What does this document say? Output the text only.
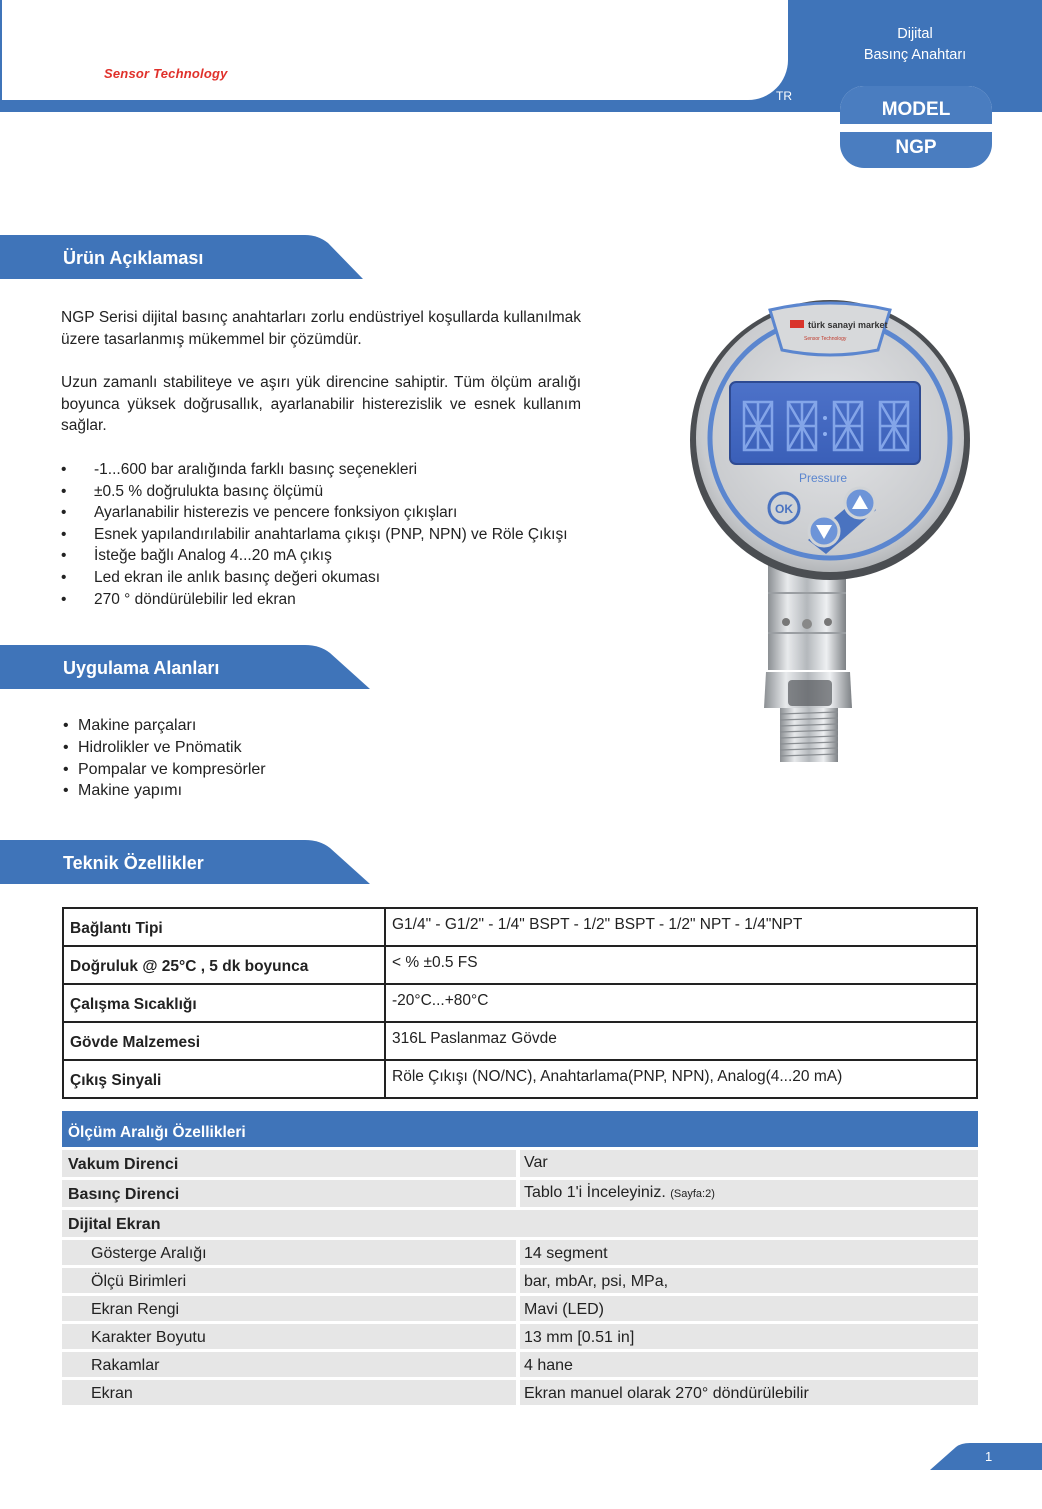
Sensor Technology
TR
Dijital
Basınç Anahtarı
MODEL
NGP
Ürün Açıklaması
NGP Serisi dijital basınç anahtarları zorlu endüstriyel koşullarda kullanılmak üzere tasarlanmış mükemmel bir çözümdür.
Uzun zamanlı stabiliteye ve aşırı yük direncine sahiptir. Tüm ölçüm aralığı boyunca yüksek doğrusallık, ayarlanabilir histerezislik ve esnek kullanım sağlar.
• -1...600 bar aralığında farklı basınç seçenekleri
• ±0.5 % doğrulukta basınç ölçümü
• Ayarlanabilir histerezis ve pencere fonksiyon çıkışları
• Esnek yapılandırılabilir anahtarlama çıkışı (PNP, NPN) ve Röle Çıkışı
• İsteğe bağlı Analog 4...20 mA çıkış
• Led ekran ile anlık basınç değeri okuması
• 270 ° döndürülebilir led ekran
türk sanayi market
Sensor Technology
Pressure
OK
Uygulama Alanları
• Makine parçaları
• Hidrolikler ve Pnömatik
• Pompalar ve kompresörler
• Makine yapımı
Teknik Özellikler
Bağlantı Tipi	G1/4" - G1/2" - 1/4" BSPT - 1/2" BSPT - 1/2" NPT - 1/4"NPT
Doğruluk @ 25°C , 5 dk boyunca	< % ±0.5 FS
Çalışma Sıcaklığı	-20°C...+80°C
Gövde Malzemesi	316L Paslanmaz Gövde
Çıkış Sinyali	Röle Çıkışı (NO/NC), Anahtarlama(PNP, NPN), Analog(4...20 mA)
Ölçüm Aralığı Özellikleri
Vakum Direnci	Var
Basınç Direnci	Tablo 1'i İnceleyiniz. (Sayfa:2)
Dijital Ekran
Gösterge Aralığı	14 segment
Ölçü Birimleri	bar, mbAr, psi, MPa,
Ekran Rengi	Mavi (LED)
Karakter Boyutu	13 mm [0.51 in]
Rakamlar	4 hane
Ekran	Ekran manuel olarak 270° döndürülebilir
1
